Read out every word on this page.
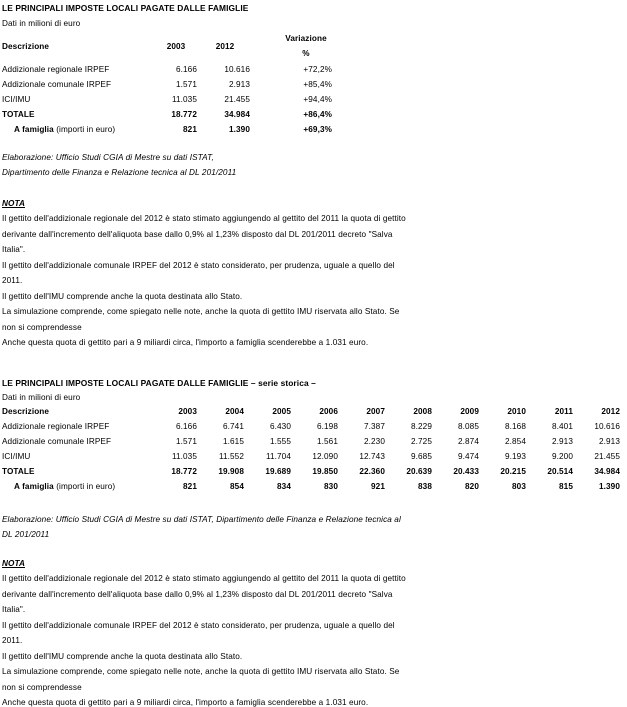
LE PRINCIPALI IMPOSTE LOCALI PAGATE DALLE FAMIGLIE
Dati in milioni di euro
Descrizione	2003	2012
Variazione
%
Addizionale regionale IRPEF	6.166	10.616	+72,2%
Addizionale comunale IRPEF	1.571	2.913	+85,4%
ICI/IMU	11.035	21.455	+94,4%
TOTALE	18.772	34.984	+86,4%
A famiglia (importi in euro)	821	1.390	+69,3%
Elaborazione: Ufficio Studi CGIA di Mestre su dati ISTAT,
Dipartimento delle Finanza e Relazione tecnica al DL 201/2011
NOTA
Il gettito dell'addizionale regionale del 2012 è stato stimato aggiungendo al gettito del 2011 la quota di gettito
derivante dall'incremento dell'aliquota base dallo 0,9% al 1,23% disposto dal DL 201/2011 decreto "Salva
Italia".
Il gettito dell'addizionale comunale IRPEF del 2012 è stato considerato, per prudenza, uguale a quello del
2011.
Il gettito dell'IMU comprende anche la quota destinata allo Stato.
La simulazione comprende, come spiegato nelle note, anche la quota di gettito IMU riservata allo Stato. Se
non si comprendesse
Anche questa quota di gettito pari a 9 miliardi circa, l'importo a famiglia scenderebbe a 1.031 euro.
LE PRINCIPALI IMPOSTE LOCALI PAGATE DALLE FAMIGLIE – serie storica –
Dati in milioni di euro
Descrizione	2003	2004	2005	2006	2007	2008	2009	2010	2011	2012
Addizionale regionale IRPEF	6.166	6.741	6.430	6.198	7.387	8.229	8.085	8.168	8.401	10.616
Addizionale comunale IRPEF	1.571	1.615	1.555	1.561	2.230	2.725	2.874	2.854	2.913	2.913
ICI/IMU	11.035	11.552	11.704	12.090	12.743	9.685	9.474	9.193	9.200	21.455
TOTALE	18.772	19.908	19.689	19.850	22.360	20.639	20.433	20.215	20.514	34.984
A famiglia (importi in euro)	821	854	834	830	921	838	820	803	815	1.390
Elaborazione: Ufficio Studi CGIA di Mestre su dati ISTAT, Dipartimento delle Finanza e Relazione tecnica al
DL 201/2011
NOTA
Il gettito dell'addizionale regionale del 2012 è stato stimato aggiungendo al gettito del 2011 la quota di gettito
derivante dall'incremento dell'aliquota base dallo 0,9% al 1,23% disposto dal DL 201/2011 decreto "Salva
Italia".
Il gettito dell'addizionale comunale IRPEF del 2012 è stato considerato, per prudenza, uguale a quello del
2011.
Il gettito dell'IMU comprende anche la quota destinata allo Stato.
La simulazione comprende, come spiegato nelle note, anche la quota di gettito IMU riservata allo Stato. Se
non si comprendesse
Anche questa quota di gettito pari a 9 miliardi circa, l'importo a famiglia scenderebbe a 1.031 euro.
